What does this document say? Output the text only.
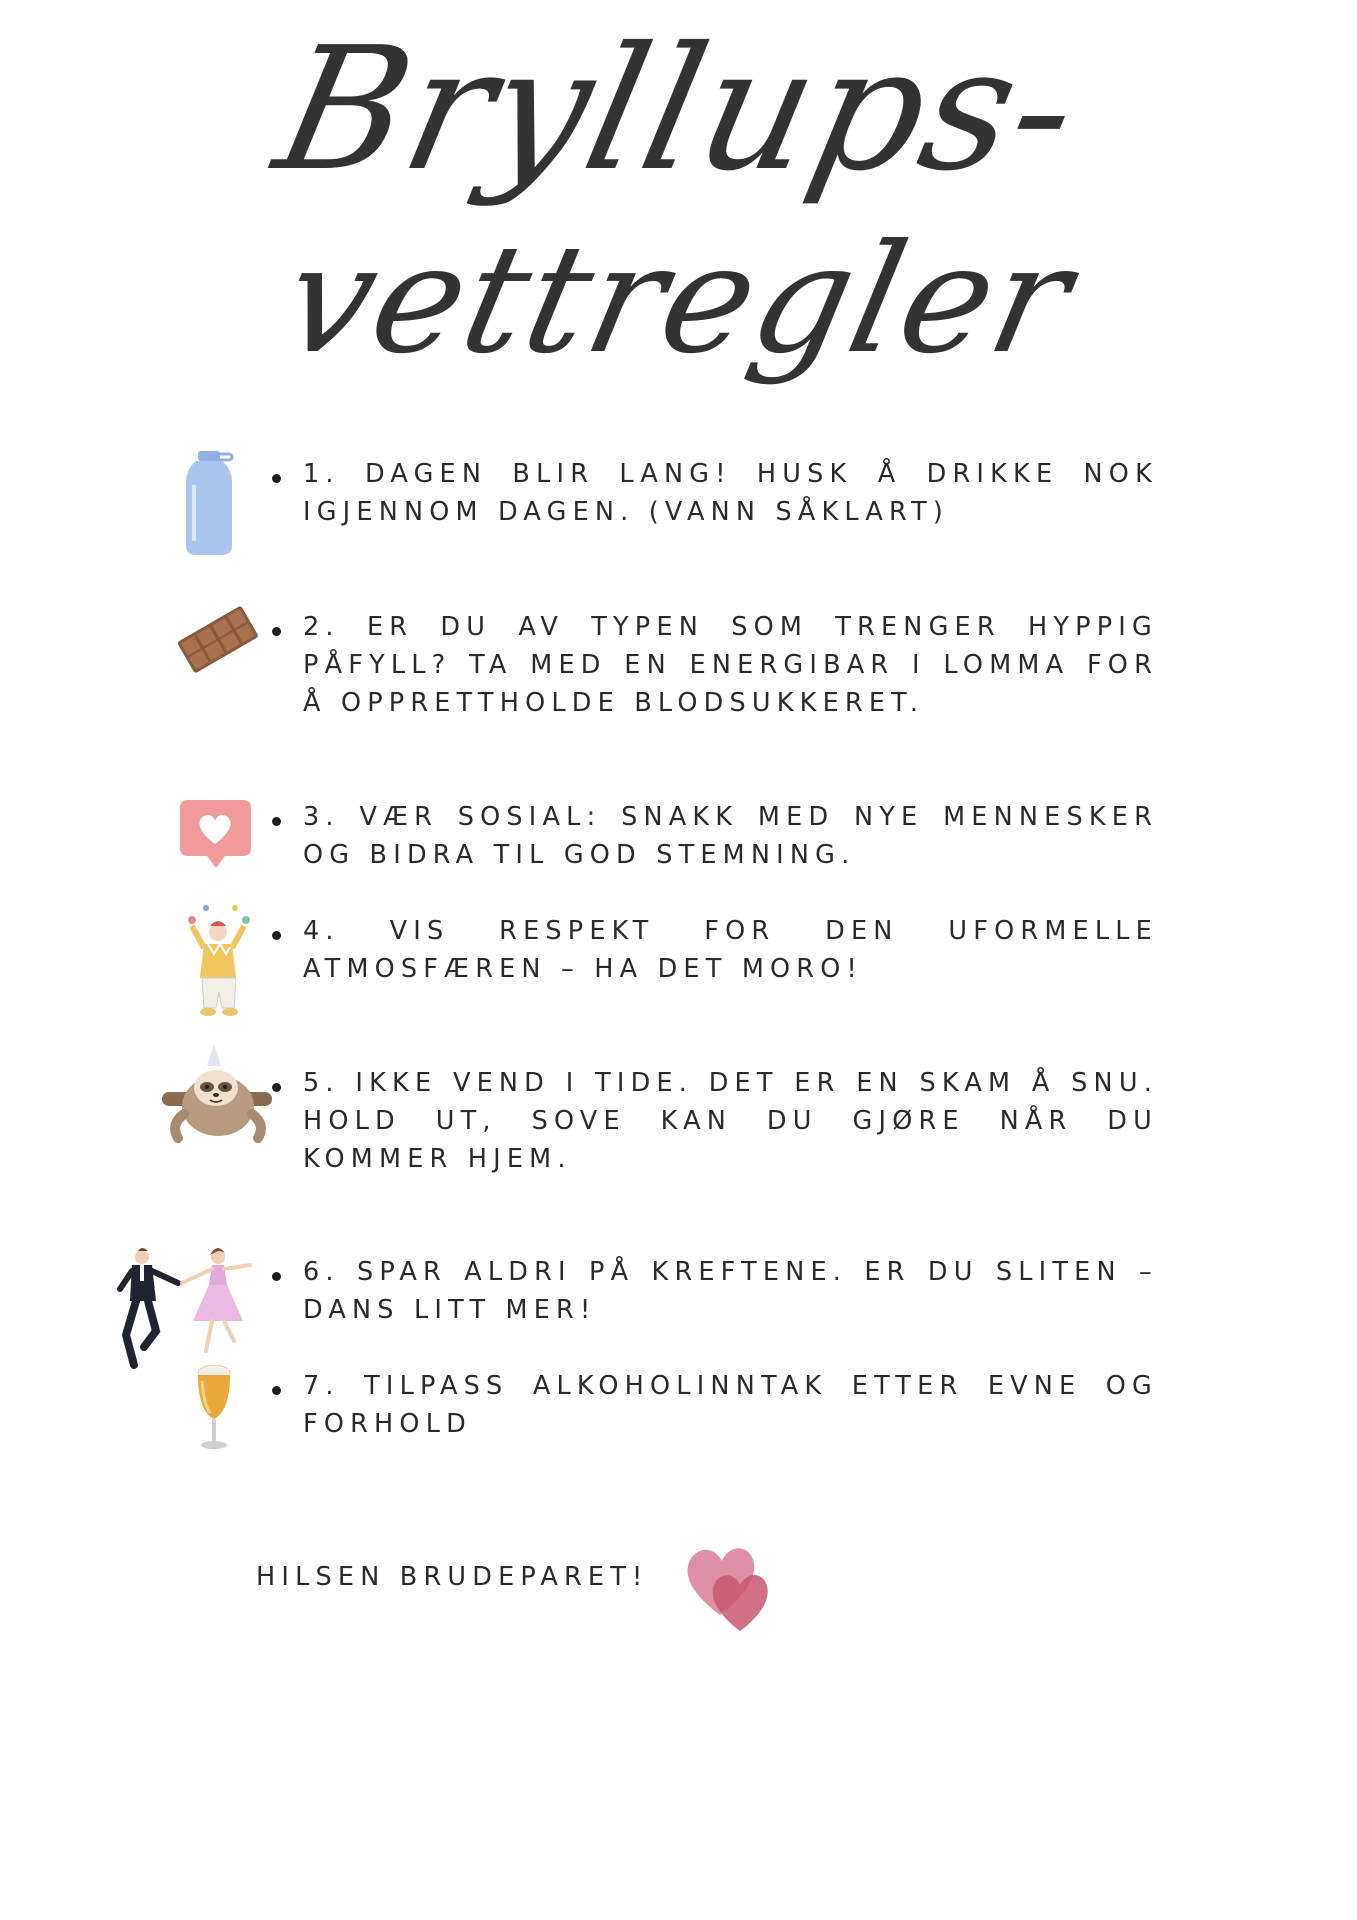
Bryllups-
vettregler
1. DAGEN BLIR LANG! HUSK Å DRIKKE NOK IGJENNOM DAGEN. (VANN SÅKLART)
2. ER DU AV TYPEN SOM TRENGER HYPPIG PÅFYLL? TA MED EN ENERGIBAR I LOMMA FOR Å OPPRETTHOLDE BLODSUKKERET.
3. VÆR SOSIAL: SNAKK MED NYE MENNESKER OG BIDRA TIL GOD STEMNING.
4. VIS RESPEKT FOR DEN UFORMELLE ATMOSFÆREN – HA DET MORO!
5. IKKE VEND I TIDE. DET ER EN SKAM Å SNU. HOLD UT, SOVE KAN DU GJØRE NÅR DU KOMMER HJEM.
6. SPAR ALDRI PÅ KREFTENE. ER DU SLITEN – DANS LITT MER!
7. TILPASS ALKOHOLINNTAK ETTER EVNE OG FORHOLD
HILSEN BRUDEPARET!
